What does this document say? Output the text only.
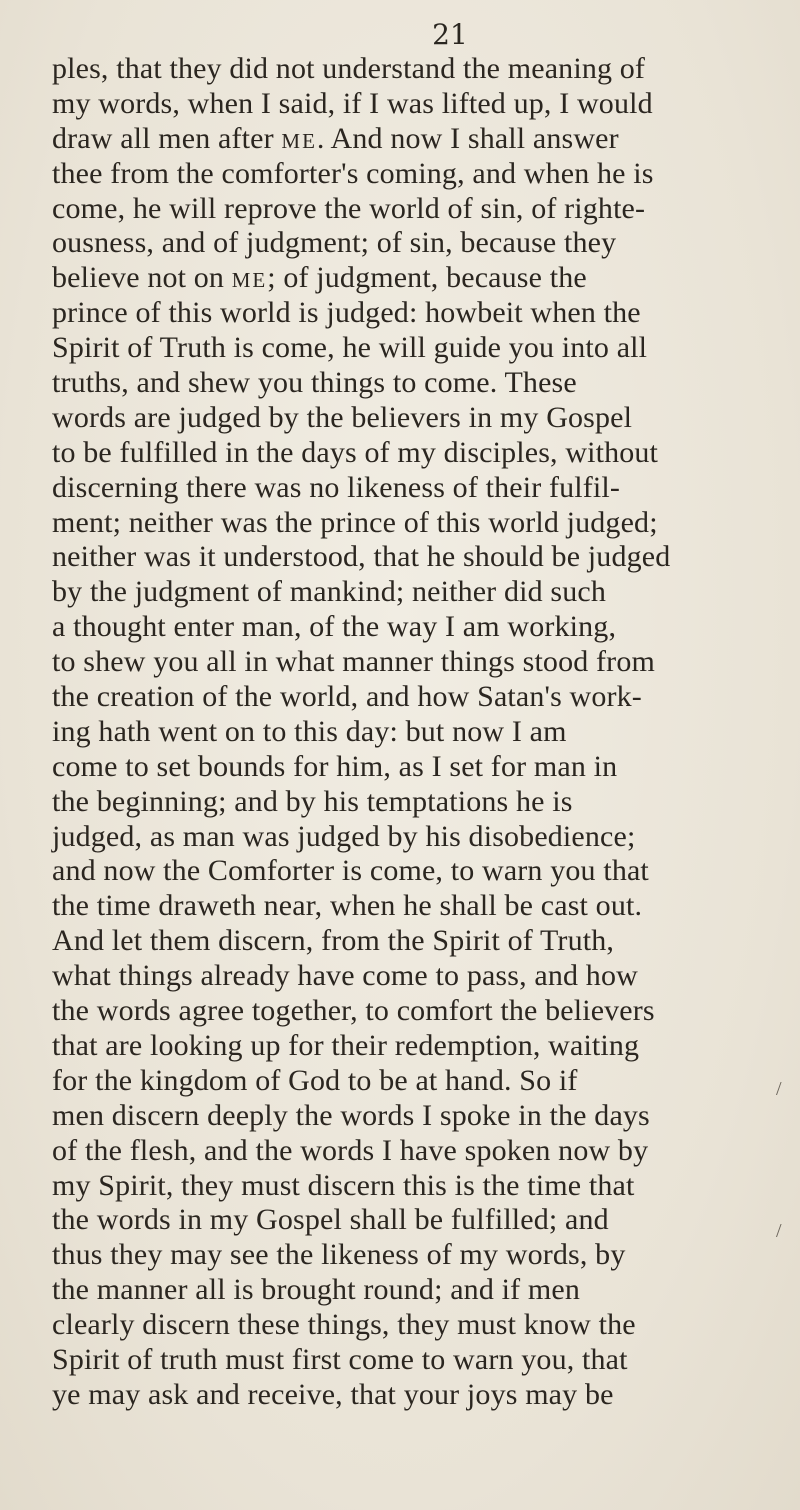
21
ples, that they did not understand the meaning of
my words, when I said, if I was lifted up, I would
draw all men after me. And now I shall answer
thee from the comforter's coming, and when he is
come, he will reprove the world of sin, of righte-
ousness, and of judgment; of sin, because they
believe not on me; of judgment, because the
prince of this world is judged: howbeit when the
Spirit of Truth is come, he will guide you into all
truths, and shew you things to come. These
words are judged by the believers in my Gospel
to be fulfilled in the days of my disciples, without
discerning there was no likeness of their fulfil-
ment; neither was the prince of this world judged;
neither was it understood, that he should be judged
by the judgment of mankind; neither did such
a thought enter man, of the way I am working,
to shew you all in what manner things stood from
the creation of the world, and how Satan's work-
ing hath went on to this day: but now I am
come to set bounds for him, as I set for man in
the beginning; and by his temptations he is
judged, as man was judged by his disobedience;
and now the Comforter is come, to warn you that
the time draweth near, when he shall be cast out.
And let them discern, from the Spirit of Truth,
what things already have come to pass, and how
the words agree together, to comfort the believers
that are looking up for their redemption, waiting
for the kingdom of God to be at hand. So if
men discern deeply the words I spoke in the days
of the flesh, and the words I have spoken now by
my Spirit, they must discern this is the time that
the words in my Gospel shall be fulfilled; and
thus they may see the likeness of my words, by
the manner all is brought round; and if men
clearly discern these things, they must know the
Spirit of truth must first come to warn you, that
ye may ask and receive, that your joys may be
/
/
